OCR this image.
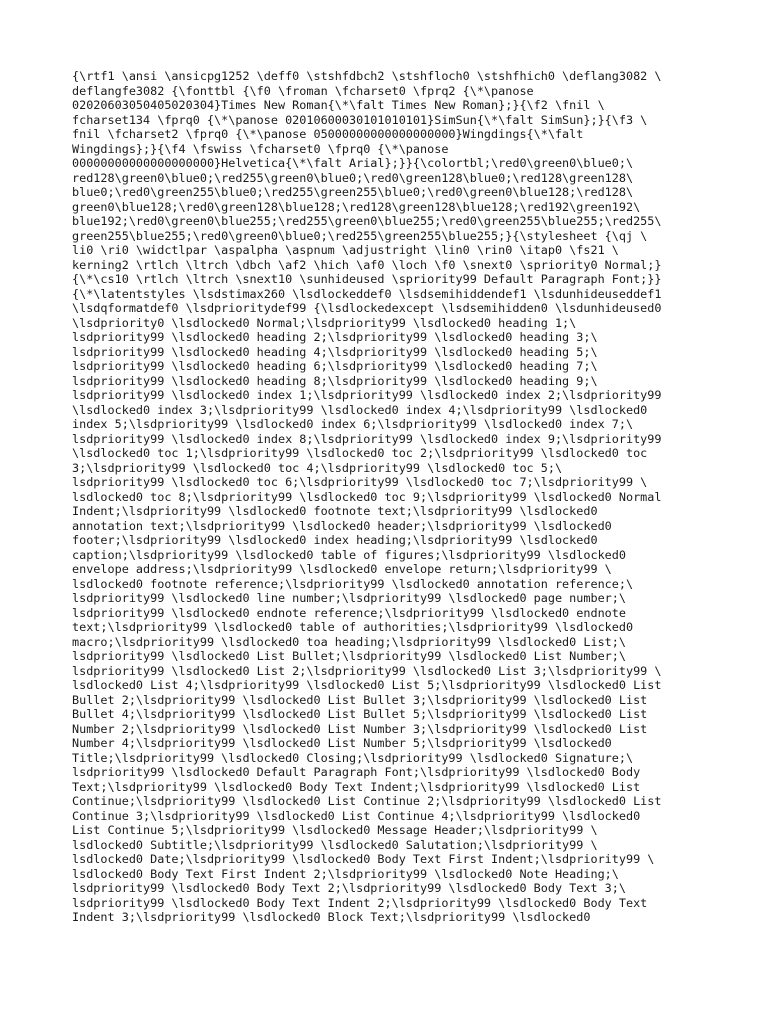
{\rtf1 \ansi \ansicpg1252 \deff0 \stshfdbch2 \stshfloch0 \stshfhich0 \deflang3082 \
deflangfe3082 {\fonttbl {\f0 \froman \fcharset0 \fprq2 {\*\panose
02020603050405020304}Times New Roman{\*\falt Times New Roman};}{\f2 \fnil \
fcharset134 \fprq0 {\*\panose 02010600030101010101}SimSun{\*\falt SimSun};}{\f3 \
fnil \fcharset2 \fprq0 {\*\panose 05000000000000000000}Wingdings{\*\falt
Wingdings};}{\f4 \fswiss \fcharset0 \fprq0 {\*\panose
00000000000000000000}Helvetica{\*\falt Arial};}}{\colortbl;\red0\green0\blue0;\
red128\green0\blue0;\red255\green0\blue0;\red0\green128\blue0;\red128\green128\
blue0;\red0\green255\blue0;\red255\green255\blue0;\red0\green0\blue128;\red128\
green0\blue128;\red0\green128\blue128;\red128\green128\blue128;\red192\green192\
blue192;\red0\green0\blue255;\red255\green0\blue255;\red0\green255\blue255;\red255\
green255\blue255;\red0\green0\blue0;\red255\green255\blue255;}{\stylesheet {\qj \
li0 \ri0 \widctlpar \aspalpha \aspnum \adjustright \lin0 \rin0 \itap0 \fs21 \
kerning2 \rtlch \ltrch \dbch \af2 \hich \af0 \loch \f0 \snext0 \spriority0 Normal;}
{\*\cs10 \rtlch \ltrch \snext10 \sunhideused \spriority99 Default Paragraph Font;}}
{\*\latentstyles \lsdstimax260 \lsdlockeddef0 \lsdsemihiddendef1 \lsdunhideuseddef1
\lsdqformatdef0 \lsdprioritydef99 {\lsdlockedexcept \lsdsemihidden0 \lsdunhideused0
\lsdpriority0 \lsdlocked0 Normal;\lsdpriority99 \lsdlocked0 heading 1;\
lsdpriority99 \lsdlocked0 heading 2;\lsdpriority99 \lsdlocked0 heading 3;\
lsdpriority99 \lsdlocked0 heading 4;\lsdpriority99 \lsdlocked0 heading 5;\
lsdpriority99 \lsdlocked0 heading 6;\lsdpriority99 \lsdlocked0 heading 7;\
lsdpriority99 \lsdlocked0 heading 8;\lsdpriority99 \lsdlocked0 heading 9;\
lsdpriority99 \lsdlocked0 index 1;\lsdpriority99 \lsdlocked0 index 2;\lsdpriority99
\lsdlocked0 index 3;\lsdpriority99 \lsdlocked0 index 4;\lsdpriority99 \lsdlocked0
index 5;\lsdpriority99 \lsdlocked0 index 6;\lsdpriority99 \lsdlocked0 index 7;\
lsdpriority99 \lsdlocked0 index 8;\lsdpriority99 \lsdlocked0 index 9;\lsdpriority99
\lsdlocked0 toc 1;\lsdpriority99 \lsdlocked0 toc 2;\lsdpriority99 \lsdlocked0 toc
3;\lsdpriority99 \lsdlocked0 toc 4;\lsdpriority99 \lsdlocked0 toc 5;\
lsdpriority99 \lsdlocked0 toc 6;\lsdpriority99 \lsdlocked0 toc 7;\lsdpriority99 \
lsdlocked0 toc 8;\lsdpriority99 \lsdlocked0 toc 9;\lsdpriority99 \lsdlocked0 Normal
Indent;\lsdpriority99 \lsdlocked0 footnote text;\lsdpriority99 \lsdlocked0
annotation text;\lsdpriority99 \lsdlocked0 header;\lsdpriority99 \lsdlocked0
footer;\lsdpriority99 \lsdlocked0 index heading;\lsdpriority99 \lsdlocked0
caption;\lsdpriority99 \lsdlocked0 table of figures;\lsdpriority99 \lsdlocked0
envelope address;\lsdpriority99 \lsdlocked0 envelope return;\lsdpriority99 \
lsdlocked0 footnote reference;\lsdpriority99 \lsdlocked0 annotation reference;\
lsdpriority99 \lsdlocked0 line number;\lsdpriority99 \lsdlocked0 page number;\
lsdpriority99 \lsdlocked0 endnote reference;\lsdpriority99 \lsdlocked0 endnote
text;\lsdpriority99 \lsdlocked0 table of authorities;\lsdpriority99 \lsdlocked0
macro;\lsdpriority99 \lsdlocked0 toa heading;\lsdpriority99 \lsdlocked0 List;\
lsdpriority99 \lsdlocked0 List Bullet;\lsdpriority99 \lsdlocked0 List Number;\
lsdpriority99 \lsdlocked0 List 2;\lsdpriority99 \lsdlocked0 List 3;\lsdpriority99 \
lsdlocked0 List 4;\lsdpriority99 \lsdlocked0 List 5;\lsdpriority99 \lsdlocked0 List
Bullet 2;\lsdpriority99 \lsdlocked0 List Bullet 3;\lsdpriority99 \lsdlocked0 List
Bullet 4;\lsdpriority99 \lsdlocked0 List Bullet 5;\lsdpriority99 \lsdlocked0 List
Number 2;\lsdpriority99 \lsdlocked0 List Number 3;\lsdpriority99 \lsdlocked0 List
Number 4;\lsdpriority99 \lsdlocked0 List Number 5;\lsdpriority99 \lsdlocked0
Title;\lsdpriority99 \lsdlocked0 Closing;\lsdpriority99 \lsdlocked0 Signature;\
lsdpriority99 \lsdlocked0 Default Paragraph Font;\lsdpriority99 \lsdlocked0 Body
Text;\lsdpriority99 \lsdlocked0 Body Text Indent;\lsdpriority99 \lsdlocked0 List
Continue;\lsdpriority99 \lsdlocked0 List Continue 2;\lsdpriority99 \lsdlocked0 List
Continue 3;\lsdpriority99 \lsdlocked0 List Continue 4;\lsdpriority99 \lsdlocked0
List Continue 5;\lsdpriority99 \lsdlocked0 Message Header;\lsdpriority99 \
lsdlocked0 Subtitle;\lsdpriority99 \lsdlocked0 Salutation;\lsdpriority99 \
lsdlocked0 Date;\lsdpriority99 \lsdlocked0 Body Text First Indent;\lsdpriority99 \
lsdlocked0 Body Text First Indent 2;\lsdpriority99 \lsdlocked0 Note Heading;\
lsdpriority99 \lsdlocked0 Body Text 2;\lsdpriority99 \lsdlocked0 Body Text 3;\
lsdpriority99 \lsdlocked0 Body Text Indent 2;\lsdpriority99 \lsdlocked0 Body Text
Indent 3;\lsdpriority99 \lsdlocked0 Block Text;\lsdpriority99 \lsdlocked0
